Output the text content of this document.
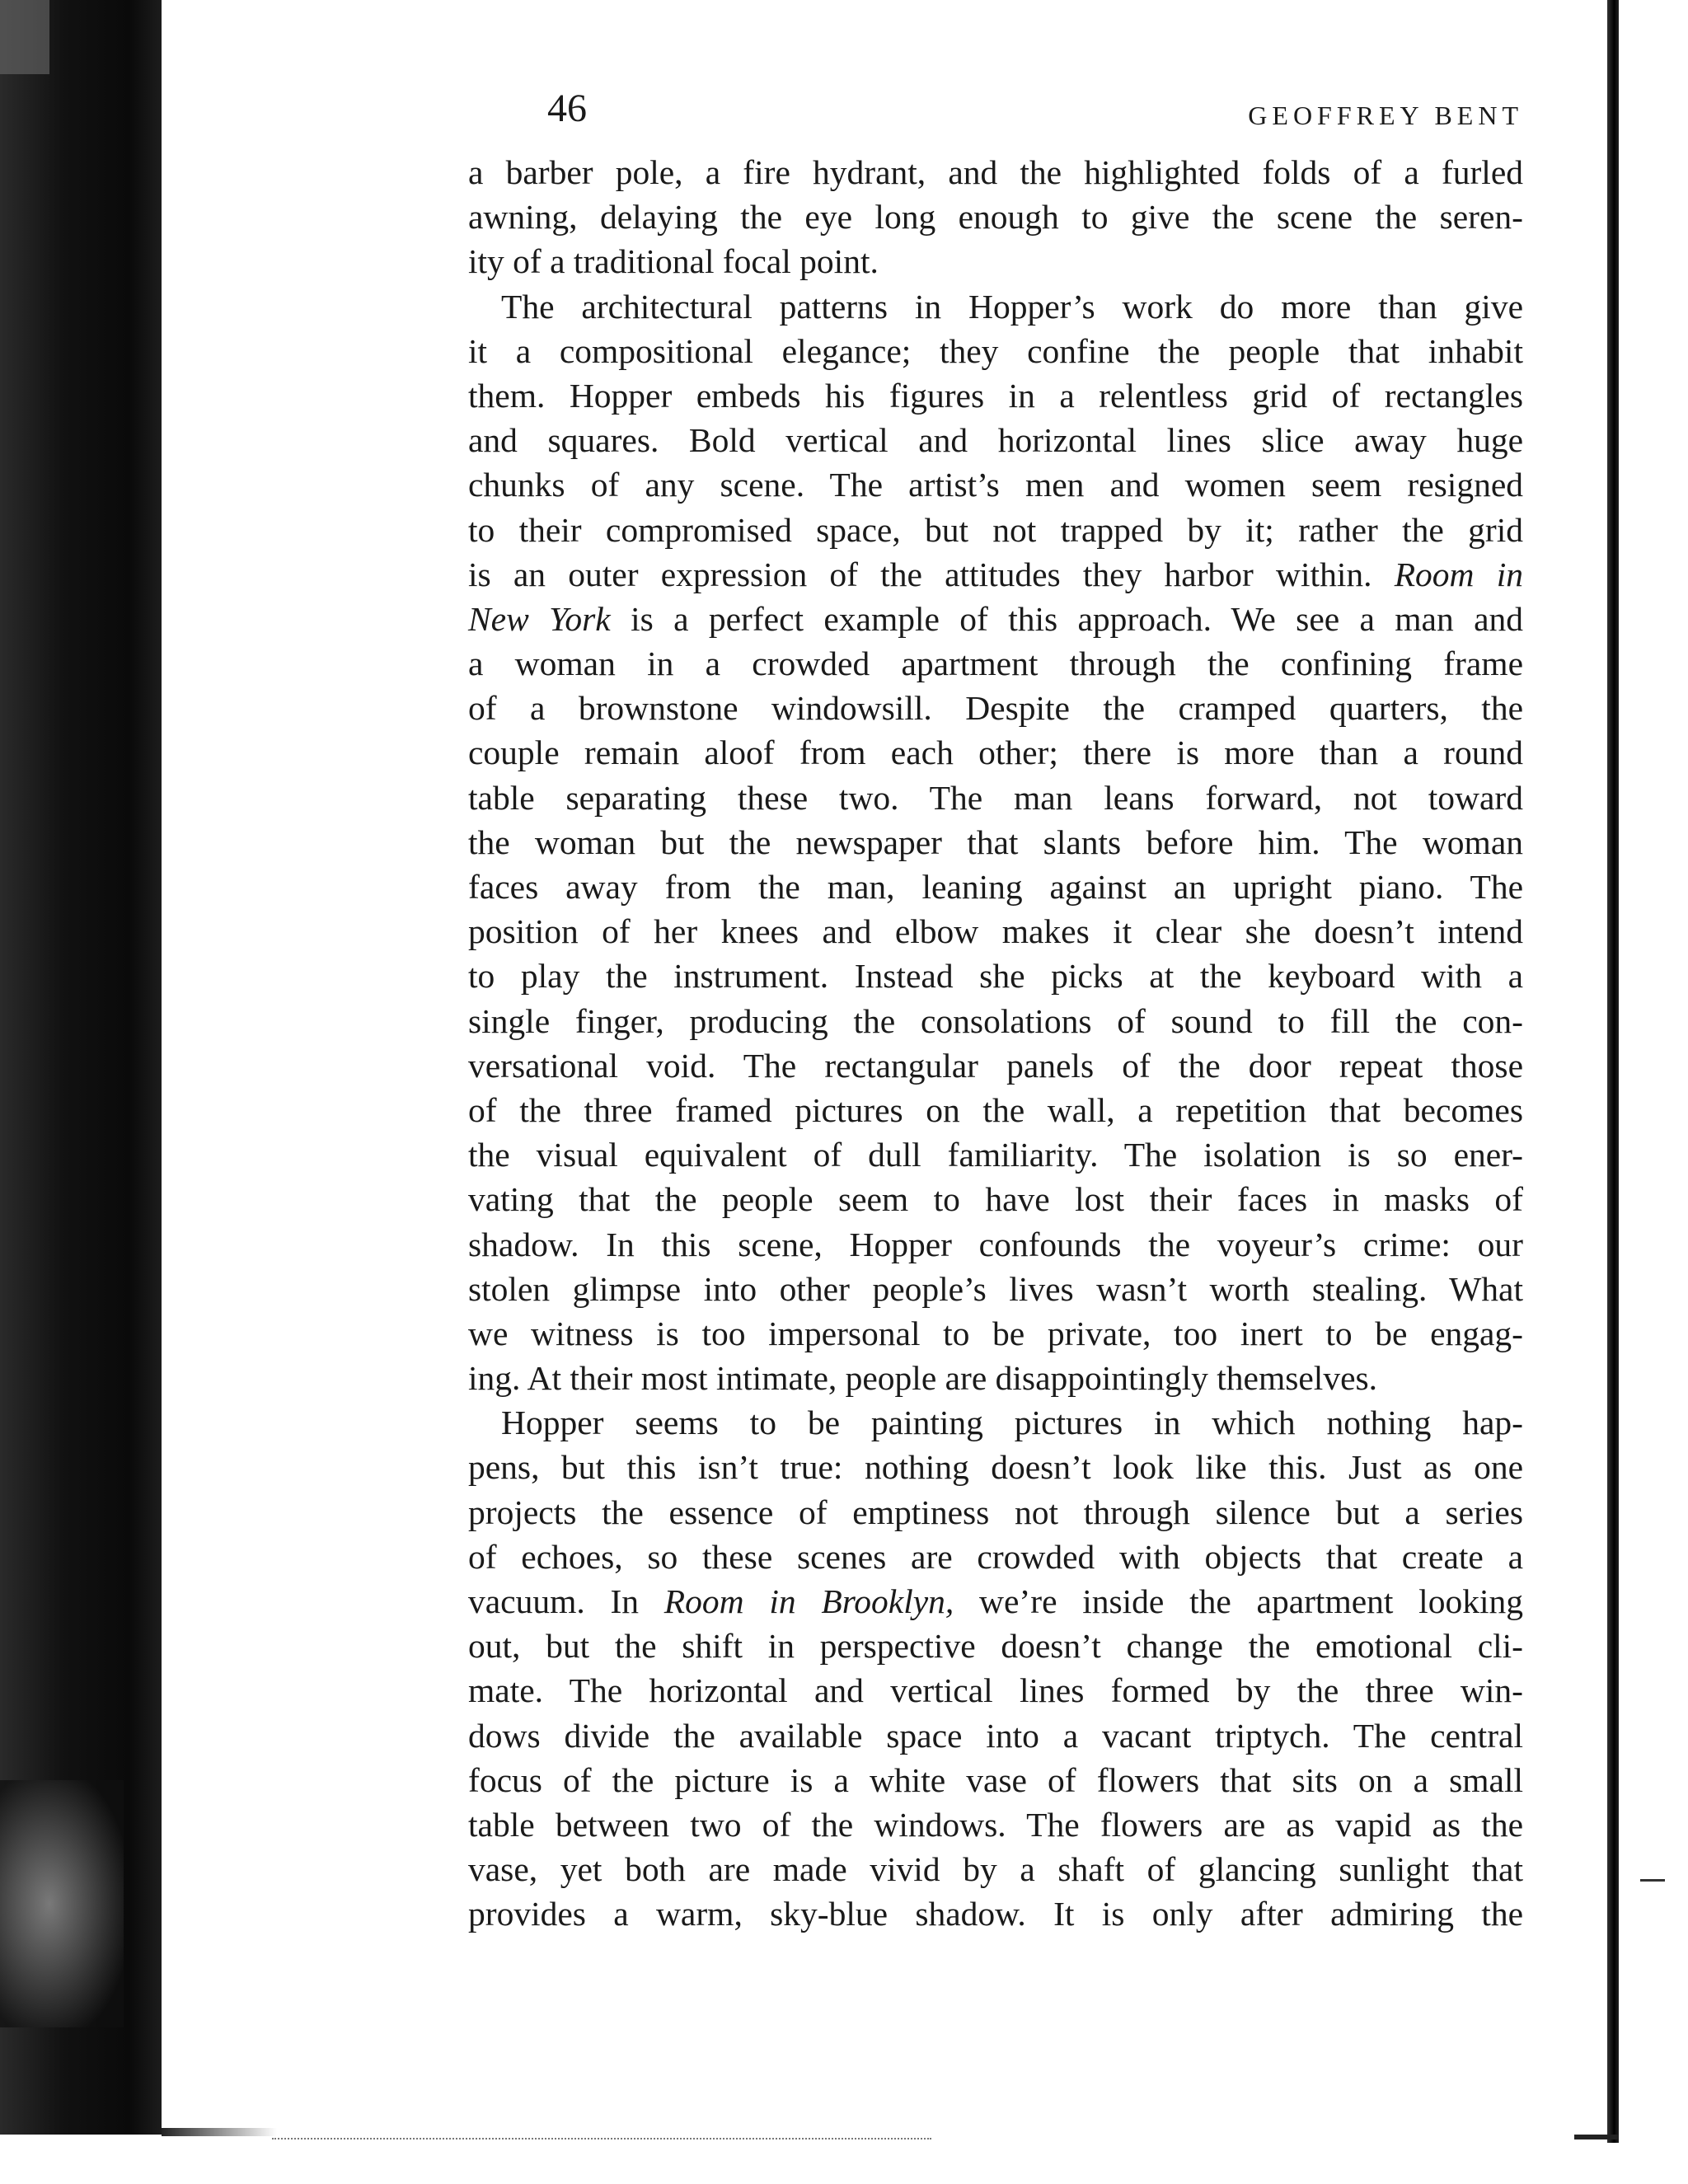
46	GEOFFREY BENT
a barber pole, a fire hydrant, and the highlighted folds of a furled
awning, delaying the eye long enough to give the scene the seren-
ity of a traditional focal point.
The architectural patterns in Hopper’s work do more than give
it a compositional elegance; they confine the people that inhabit
them. Hopper embeds his figures in a relentless grid of rectangles
and squares. Bold vertical and horizontal lines slice away huge
chunks of any scene. The artist’s men and women seem resigned
to their compromised space, but not trapped by it; rather the grid
is an outer expression of the attitudes they harbor within. Room in
New York is a perfect example of this approach. We see a man and
a woman in a crowded apartment through the confining frame
of a brownstone windowsill. Despite the cramped quarters, the
couple remain aloof from each other; there is more than a round
table separating these two. The man leans forward, not toward
the woman but the newspaper that slants before him. The woman
faces away from the man, leaning against an upright piano. The
position of her knees and elbow makes it clear she doesn’t intend
to play the instrument. Instead she picks at the keyboard with a
single finger, producing the consolations of sound to fill the con-
versational void. The rectangular panels of the door repeat those
of the three framed pictures on the wall, a repetition that becomes
the visual equivalent of dull familiarity. The isolation is so ener-
vating that the people seem to have lost their faces in masks of
shadow. In this scene, Hopper confounds the voyeur’s crime: our
stolen glimpse into other people’s lives wasn’t worth stealing. What
we witness is too impersonal to be private, too inert to be engag-
ing. At their most intimate, people are disappointingly themselves.
Hopper seems to be painting pictures in which nothing hap-
pens, but this isn’t true: nothing doesn’t look like this. Just as one
projects the essence of emptiness not through silence but a series
of echoes, so these scenes are crowded with objects that create a
vacuum. In Room in Brooklyn, we’re inside the apartment looking
out, but the shift in perspective doesn’t change the emotional cli-
mate. The horizontal and vertical lines formed by the three win-
dows divide the available space into a vacant triptych. The central
focus of the picture is a white vase of flowers that sits on a small
table between two of the windows. The flowers are as vapid as the
vase, yet both are made vivid by a shaft of glancing sunlight that
provides a warm, sky-blue shadow. It is only after admiring the
